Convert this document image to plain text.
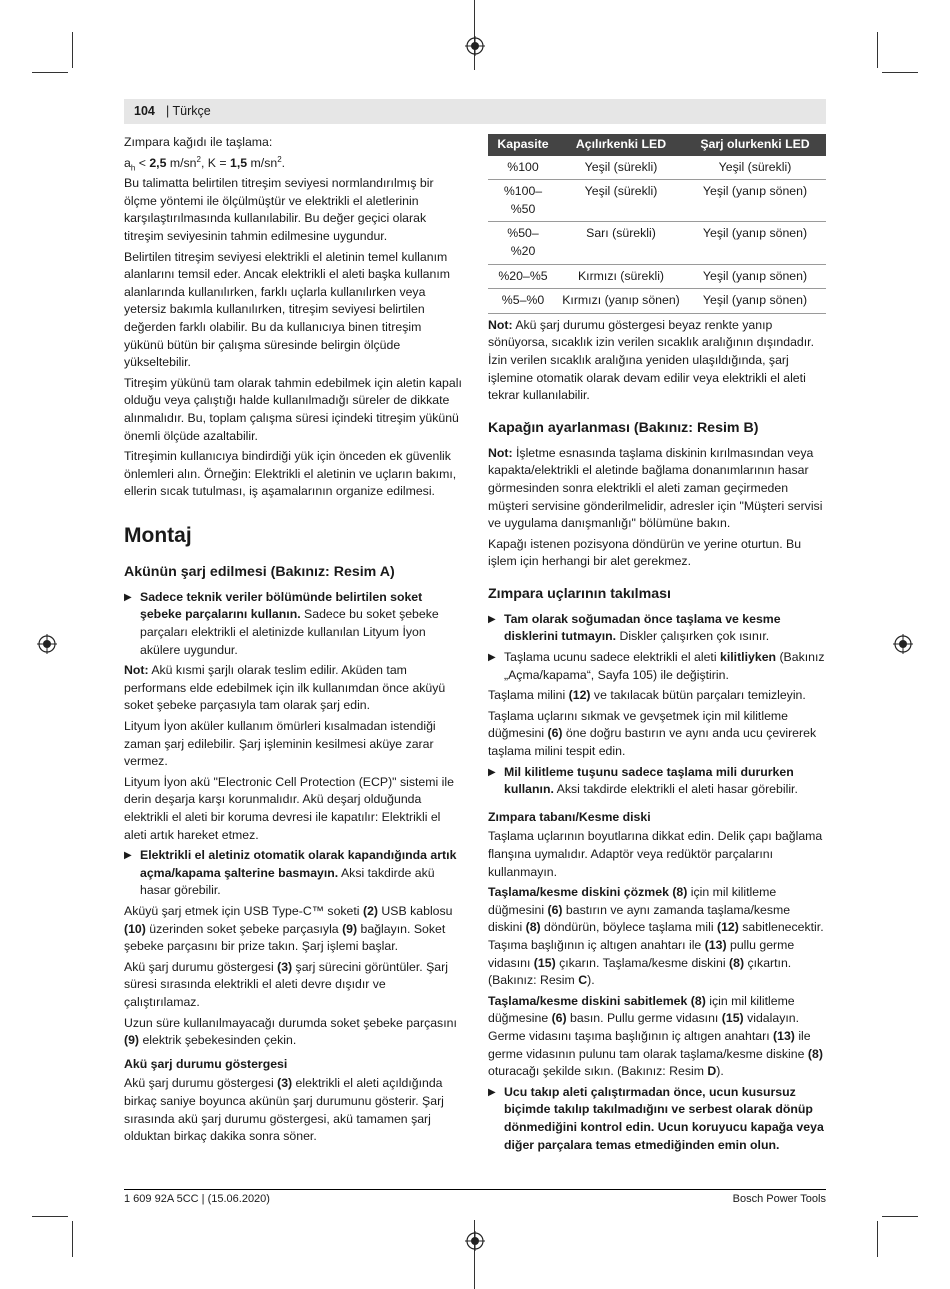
104 | Türkçe

Zımpara kağıdı ile taşlama:

$a_h < 2,5$ $m/sn^2$, K = 1,5 $m/sn^2$.

Bu talimatta belirtilen titreşim seviyesi normlandırılmış bir ölçme yöntemi ile ölçülmüştür ve elektrikli el aletlerinin karşılaştırılmasında kullanılabilir. Bu değer geçici olarak titreşim seviyesinin tahmin edilmesine uygundur.

Belirtilen titreşim seviyesi elektrikli el aletinin temel kullanım alanlarını temsil eder. Ancak elektrikli el aleti başka kullanım alanlarında kullanılırken, farklı uçlarla kullanılırken veya yetersiz bakımla kullanılırken, titreşim seviyesi belirtilen değerden farklı olabilir. Bu da kullanıcıya binen titreşim yükünü bütün bir çalışma süresinde belirgin ölçüde yükseltebilir.

Titreşim yükünü tam olarak tahmin edebilmek için aletin kapalı olduğu veya çalıştığı halde kullanılmadığı süreler de dikkate alınmalıdır. Bu, toplam çalışma süresi içindeki titreşim yükünü önemli ölçüde azaltabilir.

Titreşimin kullanıcıya bindirdiği yük için önceden ek güvenlik önlemleri alın. Örneğin: Elektrikli el aletinin ve uçların bakımı, ellerin sıcak tutulması, iş aşamalarının organize edilmesi.

Montaj
Akünün şarj edilmesi (Bakınız: Resim A)
▶ Sadece teknik veriler bölümünde belirtilen soket şebeke parçalarını kullanın. Sadece bu soket şebeke parçaları elektrikli el aletinizde kullanılan Lityum İyon akülere uygundur.

Not: Akü kısmi şarjlı olarak teslim edilir. Aküden tam performans elde edebilmek için ilk kullanımdan önce aküyü soket şebeke parçasıyla tam olarak şarj edin.

Lityum İyon aküler kullanım ömürleri kısalmadan istendiği zaman şarj edilebilir. Şarj işleminin kesilmesi aküye zarar vermez.

Lityum İyon akü "Electronic Cell Protection (ECP)" sistemi ile derin deşarja karşı korunmalıdır. Akü deşarj olduğunda elektrikli el aleti bir koruma devresi ile kapatılır: Elektrikli el aleti artık hareket etmez.

▶ Elektrikli el aletiniz otomatik olarak kapandığında artık açma/kapama şalterine basmayın. Aksi takdirde akü hasar görebilir.

Aküyü şarj etmek için USB Type-C™ soketi (2) USB kablosu (10) üzerinden soket şebeke parçasıyla (9) bağlayın. Soket şebeke parçasını bir prize takın. Şarj işlemi başlar.

Akü şarj durumu göstergesi (3) şarj sürecini görüntüler. Şarj süresi sırasında elektrikli el aleti devre dışıdır ve çalıştırılamaz.

Uzun süre kullanılmayacağı durumda soket şebeke parçasını (9) elektrik şebekesinden çekin.

Akü şarj durumu göstergesi

Akü şarj durumu göstergesi (3) elektrikli el aleti açıldığında birkaç saniye boyunca akünün şarj durumunu gösterir. Şarj sırasında akü şarj durumu göstergesi, akü tamamen şarj olduktan birkaç dakika sonra söner.

Kapasite	Açılırkenki LED	Şarj olurkenki LED
%100	Yeşil (sürekli)	Yeşil (sürekli)
%100–
%50	Yeşil (sürekli)	Yeşil (yanıp sönen)
%50–
%20	Sarı (sürekli)	Yeşil (yanıp sönen)
%20–%5	Kırmızı (sürekli)	Yeşil (yanıp sönen)
%5–%0	Kırmızı (yanıp sönen)	Yeşil (yanıp sönen)

Not: Akü şarj durumu göstergesi beyaz renkte yanıp sönüyorsa, sıcaklık izin verilen sıcaklık aralığının dışındadır. İzin verilen sıcaklık aralığına yeniden ulaşıldığında, şarj işlemine otomatik olarak devam edilir veya elektrikli el aleti tekrar kullanılabilir.

Kapağın ayarlanması (Bakınız: Resim B)

Not: İşletme esnasında taşlama diskinin kırılmasından veya kapakta/elektrikli el aletinde bağlama donanımlarının hasar görmesinden sonra elektrikli el aleti zaman geçirmeden müşteri servisine gönderilmelidir, adresler için "Müşteri servisi ve uygulama danışmanlığı" bölümüne bakın.

Kapağı istenen pozisyona döndürün ve yerine oturtun. Bu işlem için herhangi bir alet gerekmez.

Zımpara uçlarının takılması
▶ Tam olarak soğumadan önce taşlama ve kesme disklerini tutmayın. Diskler çalışırken çok ısınır.
▶ Taşlama ucunu sadece elektrikli el aleti kilitliyken (Bakınız „Açma/kapama“, Sayfa 105) ile değiştirin.

Taşlama milini (12) ve takılacak bütün parçaları temizleyin.

Taşlama uçlarını sıkmak ve gevşetmek için mil kilitleme düğmesini (6) öne doğru bastırın ve aynı anda ucu çevirerek taşlama milini tespit edin.

▶ Mil kilitleme tuşunu sadece taşlama mili dururken kullanın. Aksi takdirde elektrikli el aleti hasar görebilir.
Zımpara tabanı/Kesme diski

Taşlama uçlarının boyutlarına dikkat edin. Delik çapı bağlama flanşına uymalıdır. Adaptör veya redüktör parçalarını kullanmayın.

Taşlama/kesme diskini çözmek (8) için mil kilitleme düğmesini (6) bastırın ve aynı zamanda taşlama/kesme diskini (8) döndürün, böylece taşlama mili (12) sabitlenecektir. Taşıma başlığının iç altıgen anahtarı ile (13) pullu germe vidasını (15) çıkarın. Taşlama/kesme diskini (8) çıkartın. (Bakınız: Resim C).

Taşlama/kesme diskini sabitlemek (8) için mil kilitleme düğmesine (6) basın. Pullu germe vidasını (15) vidalayın. Germe vidasını taşıma başlığının iç altıgen anahtarı (13) ile germe vidasının pulunu tam olarak taşlama/kesme diskine (8) oturacağı şekilde sıkın. (Bakınız: Resim D).

▶ Ucu takıp aleti çalıştırmadan önce, ucun kusursuz biçimde takılıp takılmadığını ve serbest olarak dönüp dönmediğini kontrol edin. Ucun koruyucu kapağa veya diğer parçalara temas etmediğinden emin olun.
1 609 92A 5CC | (15.06.2020)	Bosch Power Tools
